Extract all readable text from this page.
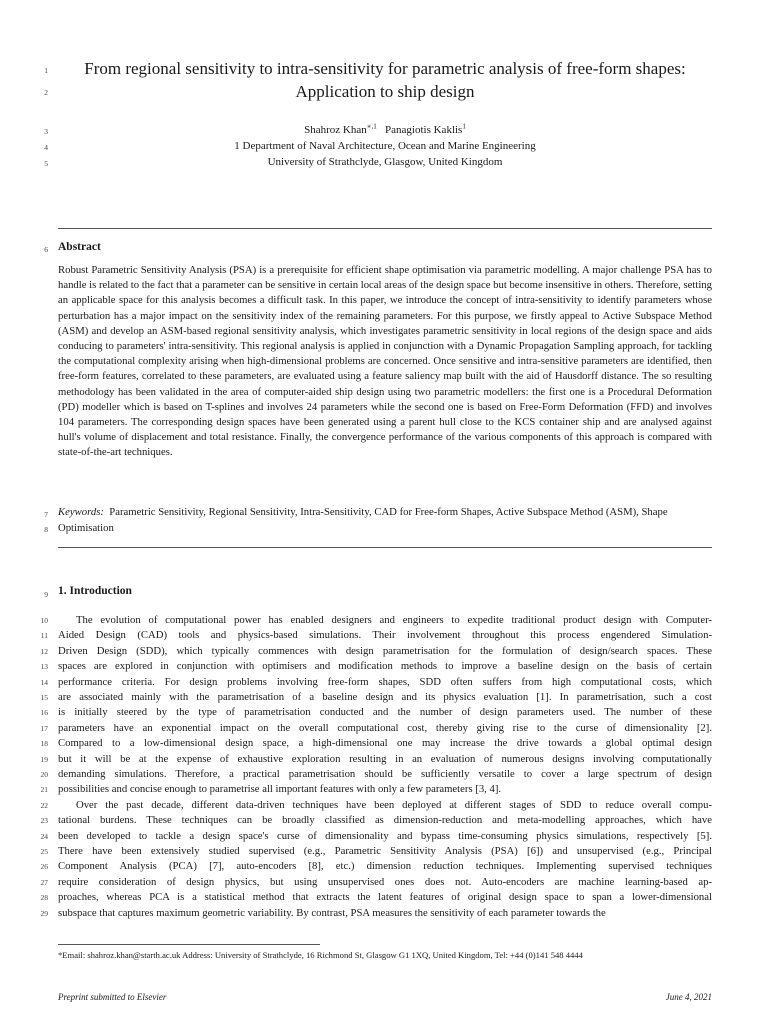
1
2
3
4
5
6
7
8
9
10
11
12
13
14
15
16
17
18
19
20
21
22
23
24
25
26
27
28
29
From regional sensitivity to intra-sensitivity for parametric analysis of free-form shapes:
Application to ship design
Shahroz Khan$^{∗,1}$   Panagiotis Kaklis$^1$
1 Department of Naval Architecture, Ocean and Marine Engineering
University of Strathclyde, Glasgow, United Kingdom
Abstract
Robust Parametric Sensitivity Analysis (PSA) is a prerequisite for efficient shape optimisation via parametric modelling. A major challenge PSA has to handle is related to the fact that a parameter can be sensitive in certain local areas of the design space but become insensitive in others. Therefore, setting an applicable space for this analysis becomes a difficult task. In this paper, we introduce the concept of intra-sensitivity to identify parameters whose perturbation has a major impact on the sensitivity index of the remaining parameters. For this purpose, we firstly appeal to Active Subspace Method (ASM) and develop an ASM-based regional sensitivity analysis, which investigates parametric sensitivity in local regions of the design space and aids conducing to parameters' intra-sensitivity. This regional analysis is applied in conjunction with a Dynamic Propagation Sampling approach, for tackling the computational complexity arising when high-dimensional problems are concerned. Once sensitive and intra-sensitive parameters are identified, then free-form features, correlated to these parameters, are evaluated using a feature saliency map built with the aid of Hausdorff distance. The so resulting methodology has been validated in the area of computer-aided ship design using two parametric modellers: the first one is a Procedural Deformation (PD) modeller which is based on T-splines and involves 24 parameters while the second one is based on Free-Form Deformation (FFD) and involves 104 parameters. The corresponding design spaces have been generated using a parent hull close to the KCS container ship and are analysed against hull's volume of displacement and total resistance. Finally, the convergence performance of the various components of this approach is compared with state-of-the-art techniques.
Keywords: Parametric Sensitivity, Regional Sensitivity, Intra-Sensitivity, CAD for Free-form Shapes, Active Subspace Method (ASM), Shape Optimisation
1. Introduction
The evolution of computational power has enabled designers and engineers to expedite traditional product design with Computer-
Aided Design (CAD) tools and physics-based simulations. Their involvement throughout this process engendered Simulation-
Driven Design (SDD), which typically commences with design parametrisation for the formulation of design/search spaces. These
spaces are explored in conjunction with optimisers and modification methods to improve a baseline design on the basis of certain
performance criteria. For design problems involving free-form shapes, SDD often suffers from high computational costs, which
are associated mainly with the parametrisation of a baseline design and its physics evaluation [1]. In parametrisation, such a cost
is initially steered by the type of parametrisation conducted and the number of design parameters used. The number of these
parameters have an exponential impact on the overall computational cost, thereby giving rise to the curse of dimensionality [2].
Compared to a low-dimensional design space, a high-dimensional one may increase the drive towards a global optimal design
but it will be at the expense of exhaustive exploration resulting in an evaluation of numerous designs involving computationally
demanding simulations. Therefore, a practical parametrisation should be sufficiently versatile to cover a large spectrum of design
possibilities and concise enough to parametrise all important features with only a few parameters [3, 4].
Over the past decade, different data-driven techniques have been deployed at different stages of SDD to reduce overall compu-
tational burdens. These techniques can be broadly classified as dimension-reduction and meta-modelling approaches, which have
been developed to tackle a design space's curse of dimensionality and bypass time-consuming physics simulations, respectively [5].
There have been extensively studied supervised (e.g., Parametric Sensitivity Analysis (PSA) [6]) and unsupervised (e.g., Principal
Component Analysis (PCA) [7], auto-encoders [8], etc.) dimension reduction techniques. Implementing supervised techniques
require consideration of design physics, but using unsupervised ones does not. Auto-encoders are machine learning-based ap-
proaches, whereas PCA is a statistical method that extracts the latent features of original design space to span a lower-dimensional
subspace that captures maximum geometric variability. By contrast, PSA measures the sensitivity of each parameter towards the
*Email: shahroz.khan@starth.ac.uk Address: University of Strathclyde, 16 Richmond St, Glasgow G1 1XQ, United Kingdom, Tel: +44 (0)141 548 4444
Preprint submitted to Elsevier	June 4, 2021
